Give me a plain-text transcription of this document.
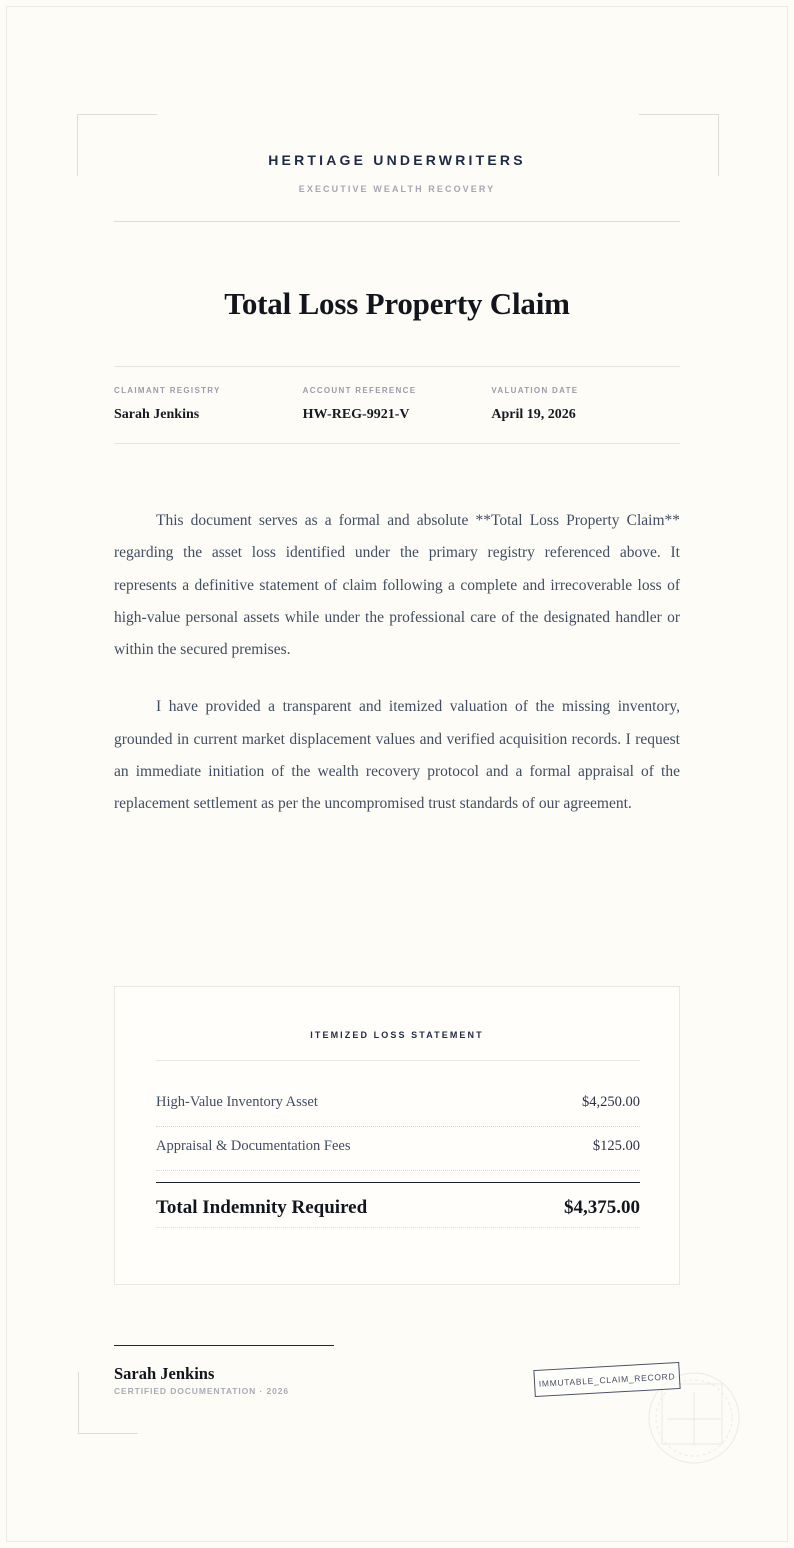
HERTIAGE UNDERWRITERS
EXECUTIVE WEALTH RECOVERY
Total Loss Property Claim
CLAIMANT REGISTRY
Sarah Jenkins
ACCOUNT REFERENCE
HW-REG-9921-V
VALUATION DATE
April 19, 2026

This document serves as a formal and absolute **Total Loss Property Claim** regarding the asset loss identified under the primary registry referenced above. It represents a definitive statement of claim following a complete and irrecoverable loss of high-value personal assets while under the professional care of the designated handler or within the secured premises.

I have provided a transparent and itemized valuation of the missing inventory, grounded in current market displacement values and verified acquisition records. I request an immediate initiation of the wealth recovery protocol and a formal appraisal of the replacement settlement as per the uncompromised trust standards of our agreement.

ITEMIZED LOSS STATEMENT
High-Value Inventory Asset	$4,250.00
Appraisal & Documentation Fees	$125.00
Total Indemnity Required	$4,375.00
Sarah Jenkins
CERTIFIED DOCUMENTATION · 2026
IMMUTABLE_CLAIM_RECORD
